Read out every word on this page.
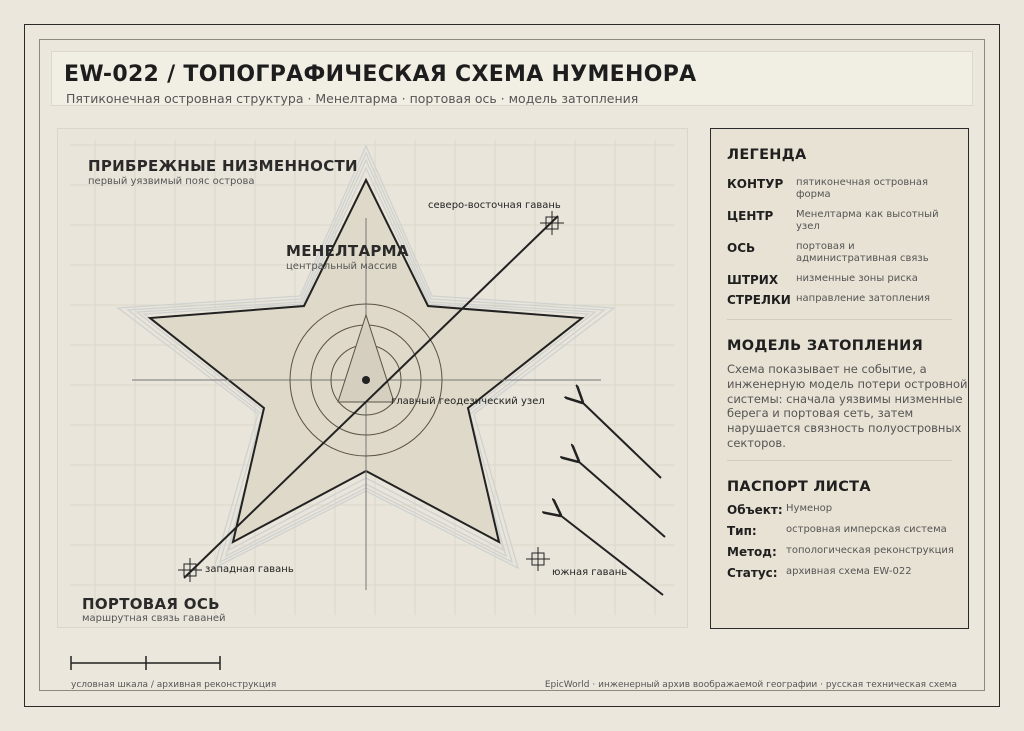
EW-022 / ТОПОГРАФИЧЕСКАЯ СХЕМА НУМЕНОРА
Пятиконечная островная структура · Менелтарма · портовая ось · модель затопления
ПРИБРЕЖНЫЕ НИЗМЕННОСТИ
первый уязвимый пояс острова
МЕНЕЛТАРМА
центральный массив
северо-восточная гавань
главный геодезический узел
западная гавань	южная гавань
ПОРТОВАЯ ОСЬ
маршрутная связь гаваней
ЛЕГЕНДА
КОНТУР пятиконечная островная форма
ЦЕНТР Менелтарма как высотный узел
ОСЬ	портовая и административная связь
ШТРИХ низменные зоны риска
СТРЕЛКИ направление затопления
МОДЕЛЬ ЗАТОПЛЕНИЯ
Схема показывает не событие, а инженерную модель потери островной системы: сначала уязвимы низменные берега и портовая сеть, затем нарушается связность полуостровных секторов.
ПАСПОРТ ЛИСТА
Объект: Нуменор
Тип:	островная имперская система
Метод: топологическая реконструкция
Статус: архивная схема EW-022
условная шкала / архивная реконструкция	EpicWorld · инженерный архив воображаемой географии · русская техническая схема
